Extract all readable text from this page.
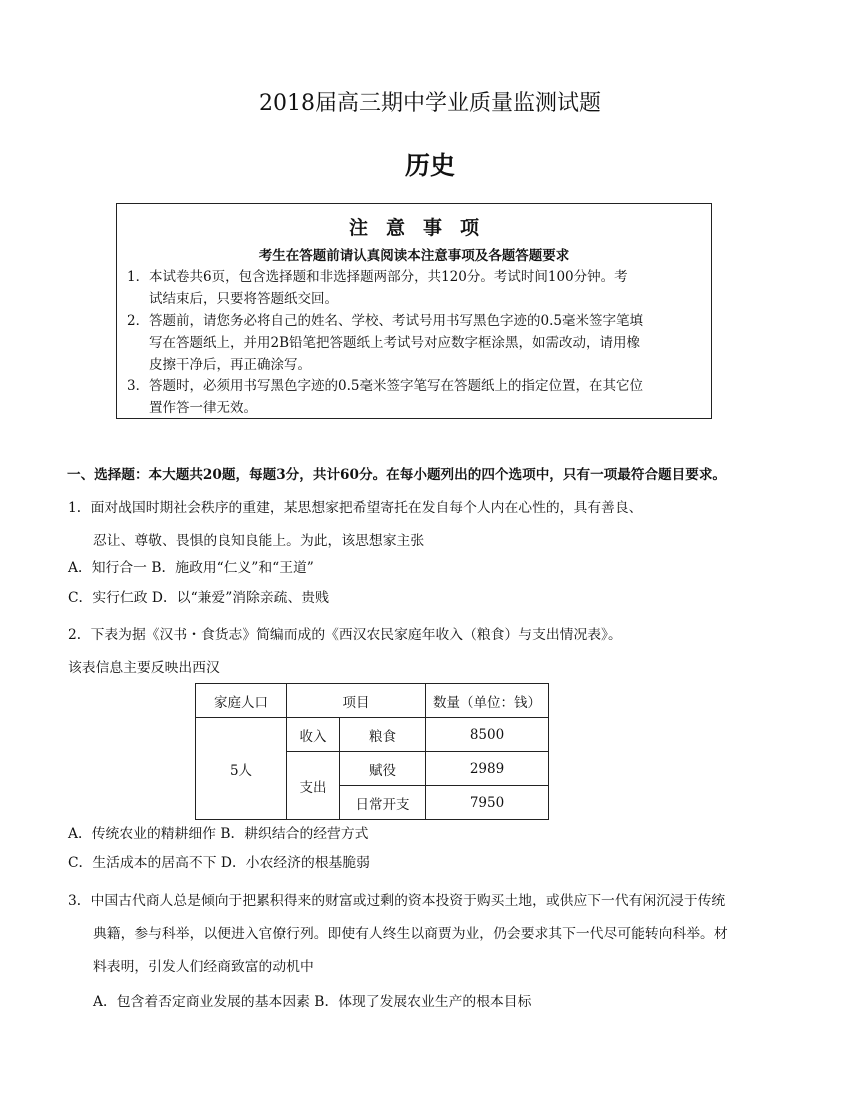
2018届高三期中学业质量监测试题
历史
注意事项
考生在答题前请认真阅读本注意事项及各题答题要求
1． 本试卷共6页，包含选择题和非选择题两部分，共120分。考试时间100分钟。考
试结束后，只要将答题纸交回。
2． 答题前，请您务必将自己的姓名、学校、考试号用书写黑色字迹的0.5毫米签字笔填
写在答题纸上，并用2B铅笔把答题纸上考试号对应数字框涂黑，如需改动，请用橡
皮擦干净后，再正确涂写。
3． 答题时，必须用书写黑色字迹的0.5毫米签字笔写在答题纸上的指定位置，在其它位
置作答一律无效。
一、选择题：本大题共20题，每题3分，共计60分。在每小题列出的四个选项中，只有一项最符合题目要求。
1．面对战国时期社会秩序的重建，某思想家把希望寄托在发自每个人内在心性的，具有善良、
忍让、尊敬、畏惧的良知良能上。为此，该思想家主张
A．知行合一 B．施政用“仁义”和“王道”
C．实行仁政 D．以“兼爱”消除亲疏、贵贱
2．下表为据《汉书・食货志》简编而成的《西汉农民家庭年收入（粮食）与支出情况表》。
该表信息主要反映出西汉
家庭人口	项目		数量（单位：钱）
5人	收入	粮食	8500
	支出	赋役	2989
		日常开支	7950
A．传统农业的精耕细作 B．耕织结合的经营方式
C．生活成本的居高不下 D．小农经济的根基脆弱
3．中国古代商人总是倾向于把累积得来的财富或过剩的资本投资于购买土地，或供应下一代有闲沉浸于传统
典籍，参与科举，以便进入官僚行列。即使有人终生以商贾为业，仍会要求其下一代尽可能转向科举。材
料表明，引发人们经商致富的动机中
A．包含着否定商业发展的基本因素 B．体现了发展农业生产的根本目标
